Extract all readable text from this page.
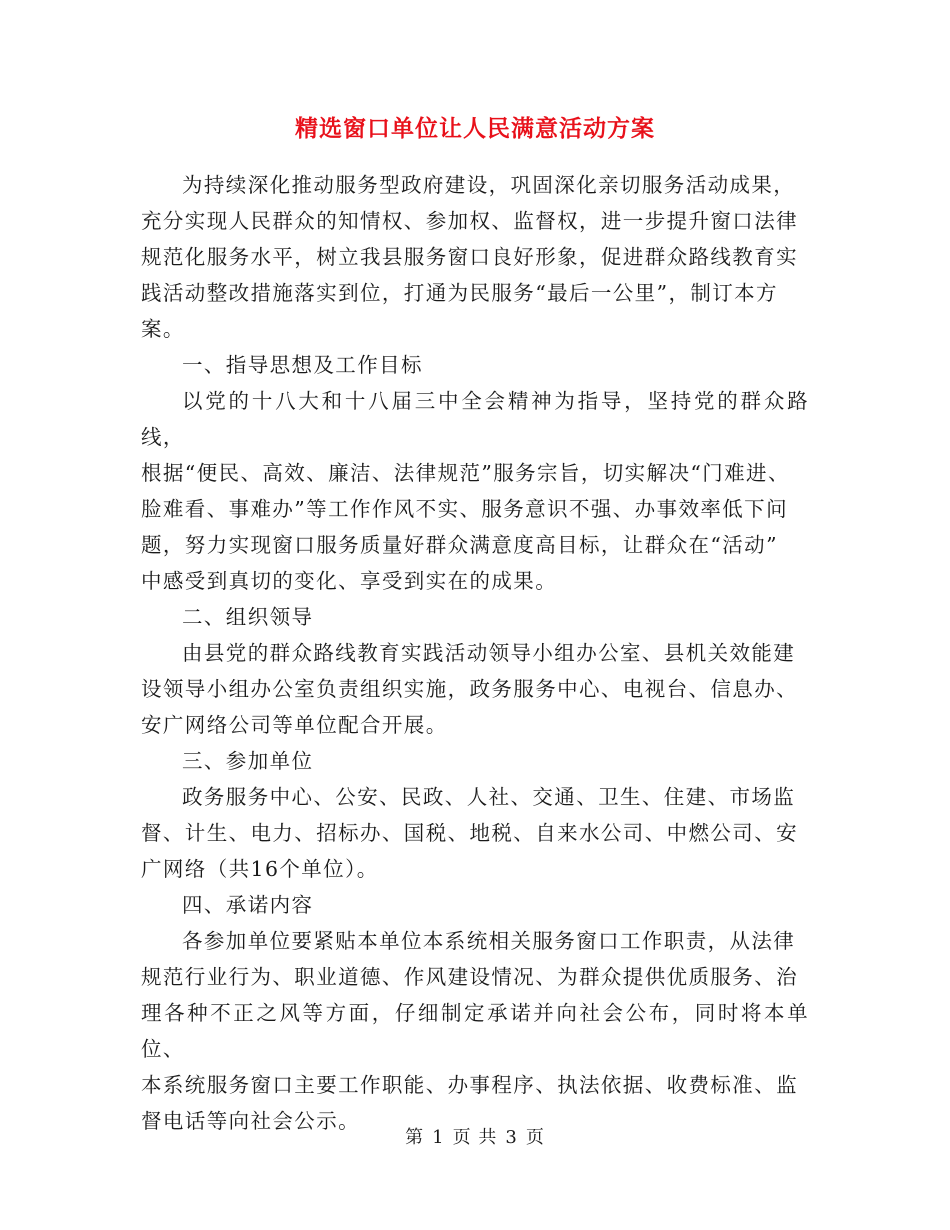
精选窗口单位让人民满意活动方案

为持续深化推动服务型政府建设，巩固深化亲切服务活动成果，
充分实现人民群众的知情权、参加权、监督权，进一步提升窗口法律
规范化服务水平，树立我县服务窗口良好形象，促进群众路线教育实
践活动整改措施落实到位，打通为民服务“最后一公里”，制订本方
案。

一、指导思想及工作目标

以党的十八大和十八届三中全会精神为指导，坚持党的群众路线，
根据“便民、高效、廉洁、法律规范”服务宗旨，切实解决“门难进、
脸难看、事难办”等工作作风不实、服务意识不强、办事效率低下问
题，努力实现窗口服务质量好群众满意度高目标，让群众在“活动”
中感受到真切的变化、享受到实在的成果。

二、组织领导

由县党的群众路线教育实践活动领导小组办公室、县机关效能建
设领导小组办公室负责组织实施，政务服务中心、电视台、信息办、
安广网络公司等单位配合开展。

三、参加单位

政务服务中心、公安、民政、人社、交通、卫生、住建、市场监
督、计生、电力、招标办、国税、地税、自来水公司、中燃公司、安
广网络（共16个单位）。

四、承诺内容

各参加单位要紧贴本单位本系统相关服务窗口工作职责，从法律
规范行业行为、职业道德、作风建设情况、为群众提供优质服务、治
理各种不正之风等方面，仔细制定承诺并向社会公布，同时将本单位、
本系统服务窗口主要工作职能、办事程序、执法依据、收费标准、监
督电话等向社会公示。

第 1 页 共 3 页
